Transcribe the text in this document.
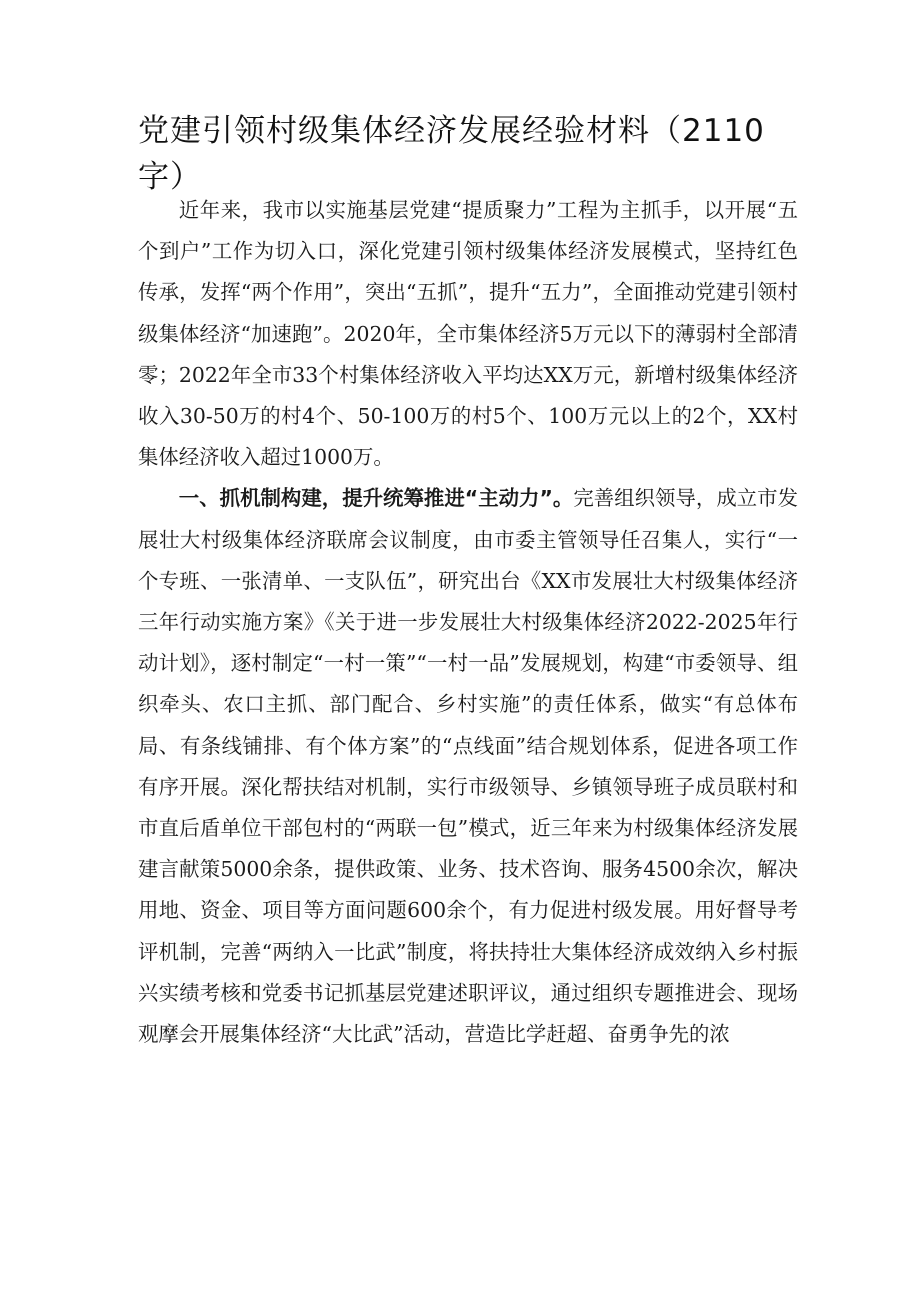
党建引领村级集体经济发展经验材料（2110字）

近年来，我市以实施基层党建“提质聚力”工程为主抓手，以开展“五个到户”工作为切入口，深化党建引领村级集体经济发展模式，坚持红色传承，发挥“两个作用”，突出“五抓”，提升“五力”，全面推动党建引领村级集体经济“加速跑”。2020年，全市集体经济5万元以下的薄弱村全部清零；2022年全市33个村集体经济收入平均达XX万元，新增村级集体经济收入30-50万的村4个、50-100万的村5个、100万元以上的2个，XX村集体经济收入超过1000万。

一、抓机制构建，提升统筹推进“主动力”。完善组织领导，成立市发展壮大村级集体经济联席会议制度，由市委主管领导任召集人，实行“一个专班、一张清单、一支队伍”，研究出台《XX市发展壮大村级集体经济三年行动实施方案》《关于进一步发展壮大村级集体经济2022-2025年行动计划》，逐村制定“一村一策”“一村一品”发展规划，构建“市委领导、组织牵头、农口主抓、部门配合、乡村实施”的责任体系，做实“有总体布局、有条线铺排、有个体方案”的“点线面”结合规划体系，促进各项工作有序开展。深化帮扶结对机制，实行市级领导、乡镇领导班子成员联村和市直后盾单位干部包村的“两联一包”模式，近三年来为村级集体经济发展建言献策5000余条，提供政策、业务、技术咨询、服务4500余次，解决用地、资金、项目等方面问题600余个，有力促进村级发展。用好督导考评机制，完善“两纳入一比武”制度，将扶持壮大集体经济成效纳入乡村振兴实绩考核和党委书记抓基层党建述职评议，通过组织专题推进会、现场观摩会开展集体经济“大比武”活动，营造比学赶超、奋勇争先的浓
